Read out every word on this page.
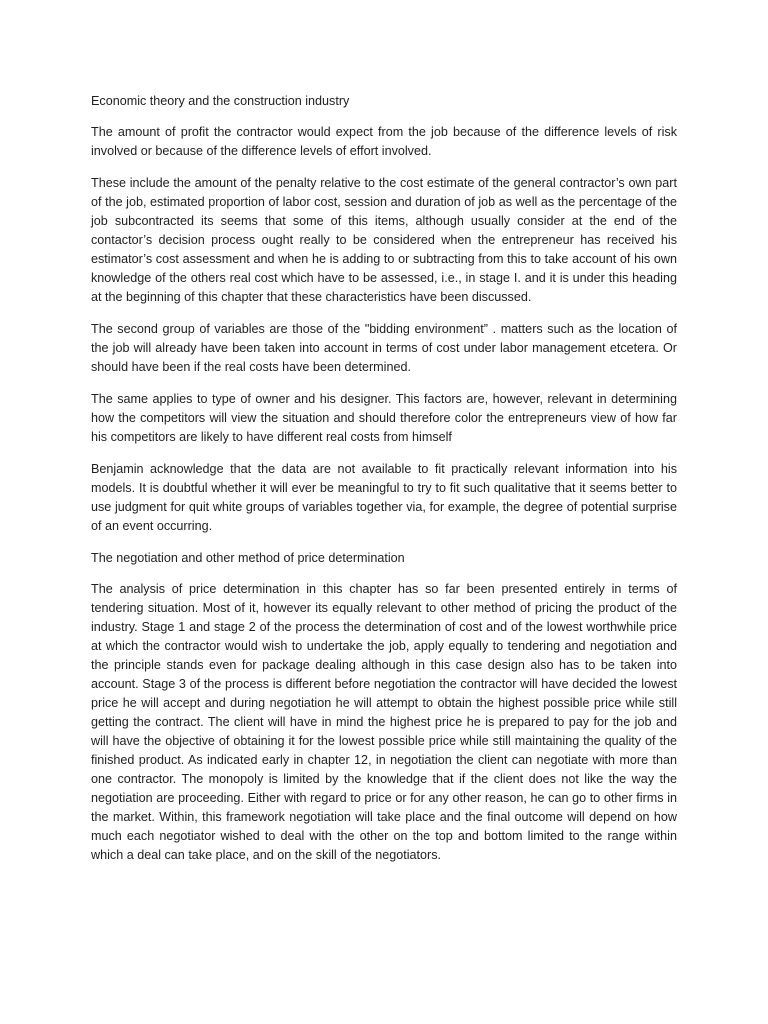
Economic theory and the construction industry

The amount of profit the contractor would expect from the job because of the difference levels of risk involved or because of the difference levels of effort involved.

These include the amount of the penalty relative to the cost estimate of the general contractor’s own part of the job, estimated proportion of labor cost, session and duration of job as well as the percentage of the job subcontracted its seems that some of this items, although usually consider at the end of the contactor’s decision process ought really to be considered when the entrepreneur has received his estimator’s cost assessment and when he is adding to or subtracting from this to take account of his own knowledge of the others real cost which have to be assessed, i.e., in stage I. and it is under this heading at the beginning of this chapter that these characteristics have been discussed.

The second group of variables are those of the "bidding environment” . matters such as the location of the job will already have been taken into account in terms of cost under labor management etcetera. Or should have been if the real costs have been determined.

The same applies to type of owner and his designer. This factors are, however, relevant in determining how the competitors will view the situation and should therefore color the entrepreneurs view of how far his competitors are likely to have different real costs from himself

Benjamin acknowledge that the data are not available to fit practically relevant information into his models. It is doubtful whether it will ever be meaningful to try to fit such qualitative that it seems better to use judgment for quit white groups of variables together via, for example, the degree of potential surprise of an event occurring.

The negotiation and other method of price determination

The analysis of price determination in this chapter has so far been presented entirely in terms of tendering situation. Most of it, however its equally relevant to other method of pricing the product of the industry. Stage 1 and stage 2 of the process the determination of cost and of the lowest worthwhile price at which the contractor would wish to undertake the job, apply equally to tendering and negotiation and the principle stands even for package dealing although in this case design also has to be taken into account. Stage 3 of the process is different before negotiation the contractor will have decided the lowest price he will accept and during negotiation he will attempt to obtain the highest possible price while still getting the contract. The client will have in mind the highest price he is prepared to pay for the job and will have the objective of obtaining it for the lowest possible price while still maintaining the quality of the finished product. As indicated early in chapter 12, in negotiation the client can negotiate with more than one contractor. The monopoly is limited by the knowledge that if the client does not like the way the negotiation are proceeding. Either with regard to price or for any other reason, he can go to other firms in the market. Within, this framework negotiation will take place and the final outcome will depend on how much each negotiator wished to deal with the other on the top and bottom limited to the range within which a deal can take place, and on the skill of the negotiators.
